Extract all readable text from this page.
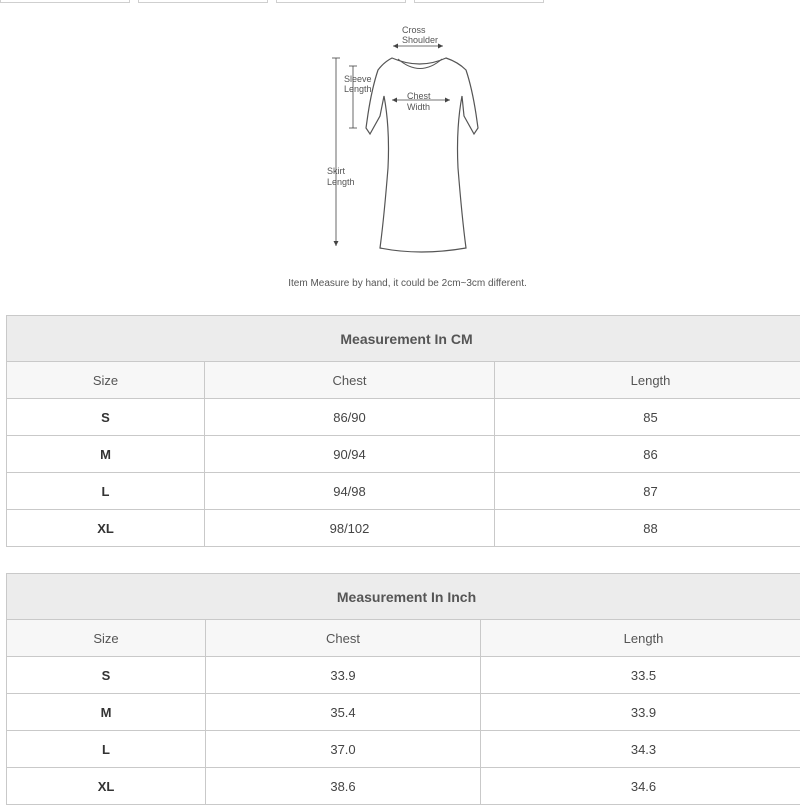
Cross
Shoulder
Sleeve
Length
Chest
Width
Skirt
Length
Item Measure by hand, it could be 2cm~3cm different.
Measurement In CM		
Size	Chest	Length
S	86/90	85
M	90/94	86
L	94/98	87
XL	98/102	88
Measurement In Inch		
Size	Chest	Length
S	33.9	33.5
M	35.4	33.9
L	37.0	34.3
XL	38.6	34.6
